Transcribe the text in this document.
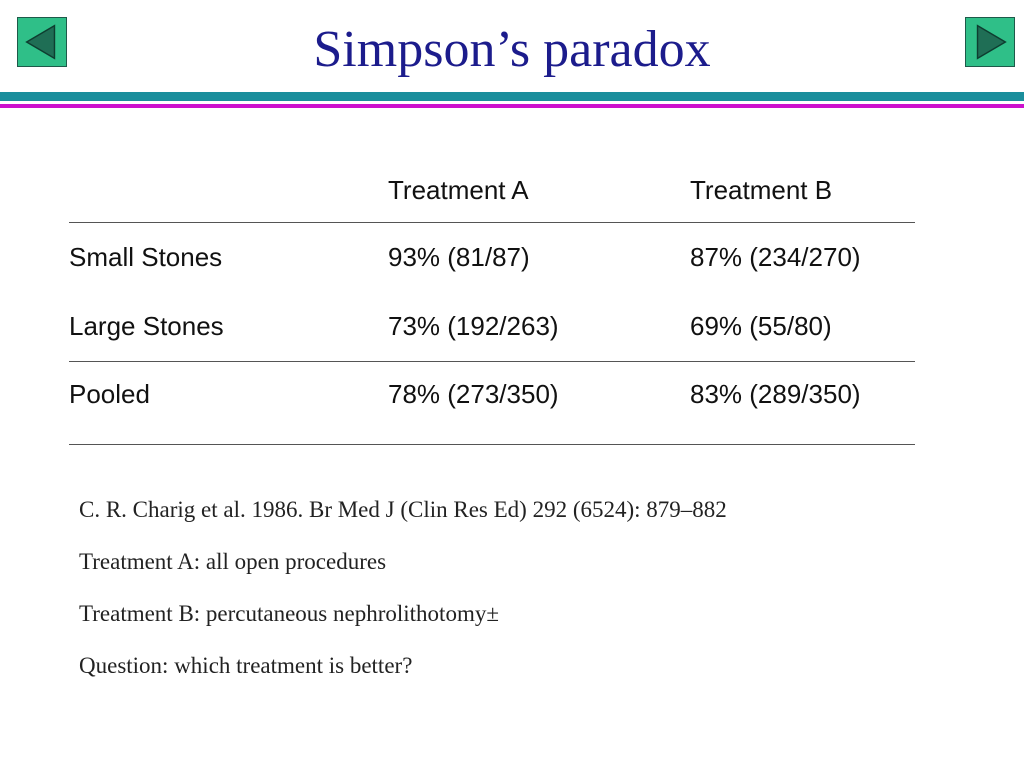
Simpson’s paradox
	Treatment A	Treatment B
Small Stones	93% (81/87)	87% (234/270)
Large Stones	73% (192/263)	69% (55/80)
Pooled	78% (273/350)	83% (289/350)

C. R. Charig et al. 1986. Br Med J (Clin Res Ed) 292 (6524): 879–882

Treatment A: all open procedures

Treatment B: percutaneous nephrolithotomy±

Question: which treatment is better?
